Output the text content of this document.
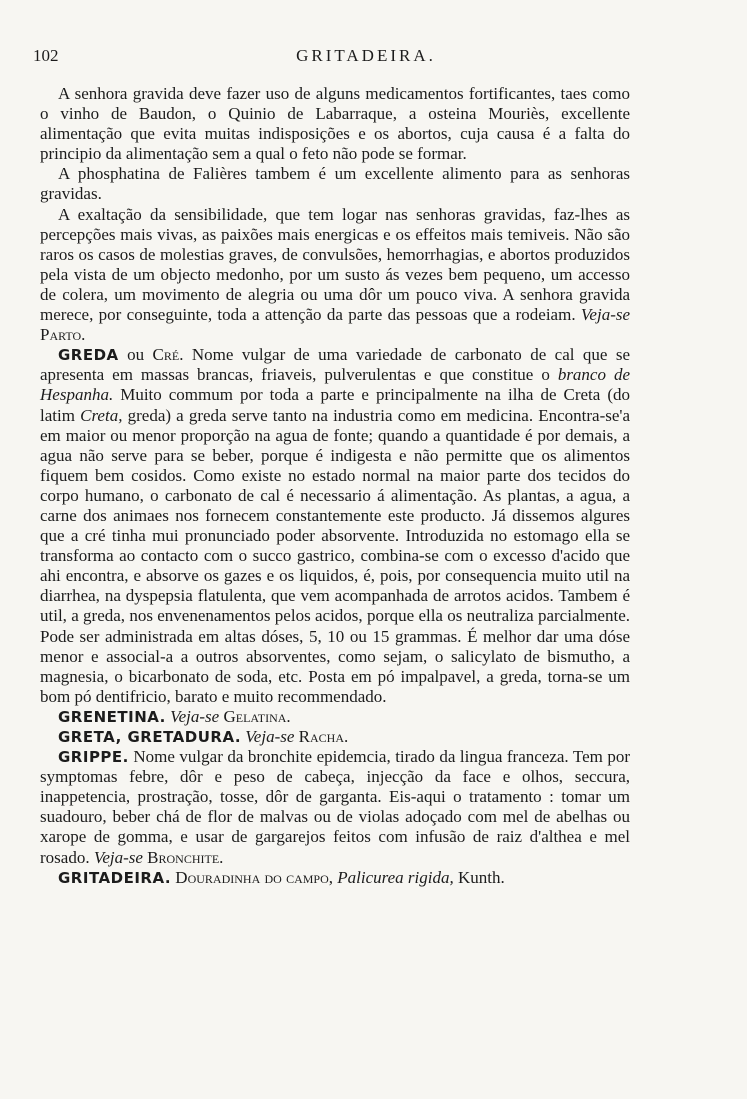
102	GRITADEIRA.

A senhora gravida deve fazer uso de alguns medicamentos fortificantes, taes como o vinho de Baudon, o Quinio de Labarraque, a osteina Mouriès, excellente alimentação que evita muitas indisposições e os abortos, cuja causa é a falta do principio da alimentação sem a qual o feto não pode se formar.

A phosphatina de Falières tambem é um excellente alimento para as senhoras gravidas.

A exaltação da sensibilidade, que tem logar nas senhoras gravidas, faz-lhes as percepções mais vivas, as paixões mais energicas e os effeitos mais temiveis. Não são raros os casos de molestias graves, de convulsões, hemorrhagias, e abortos produzidos pela vista de um objecto medonho, por um susto ás vezes bem pequeno, um accesso de colera, um movimento de alegria ou uma dôr um pouco viva. A senhora gravida merece, por conseguinte, toda a attenção da parte das pessoas que a rodeiam. Veja-se Parto.

GREDA ou Cré. Nome vulgar de uma variedade de carbonato de cal que se apresenta em massas brancas, friaveis, pulverulentas e que constitue o branco de Hespanha. Muito commum por toda a parte e principalmente na ilha de Creta (do latim Creta, greda) a greda serve tanto na industria como em medicina. Encontra-se'a em maior ou menor proporção na agua de fonte; quando a quantidade é por demais, a agua não serve para se beber, porque é indigesta e não permitte que os alimentos fiquem bem cosidos. Como existe no estado normal na maior parte dos tecidos do corpo humano, o carbonato de cal é necessario á alimentação. As plantas, a agua, a carne dos animaes nos fornecem constantemente este producto. Já dissemos algures que a cré tinha mui pronunciado poder absorvente. Introduzida no estomago ella se transforma ao contacto com o succo gastrico, combina-se com o excesso d'acido que ahi encontra, e absorve os gazes e os liquidos, é, pois, por consequencia muito util na diarrhea, na dyspepsia flatulenta, que vem acompanhada de arrotos acidos. Tambem é util, a greda, nos envenenamentos pelos acidos, porque ella os neutraliza parcialmente. Pode ser administrada em altas dóses, 5, 10 ou 15 grammas. É melhor dar uma dóse menor e associal-a a outros absorventes, como sejam, o salicylato de bismutho, a magnesia, o bicarbonato de soda, etc. Posta em pó impalpavel, a greda, torna-se um bom pó dentifricio, barato e muito recommendado.

GRENETINA. Veja-se Gelatina.

GRETA, GRETADURA. Veja-se Racha.

GRIPPE. Nome vulgar da bronchite epidemcia, tirado da lingua franceza. Tem por symptomas febre, dôr e peso de cabeça, injecção da face e olhos, seccura, inappetencia, prostração, tosse, dôr de garganta. Eis-aqui o tratamento : tomar um suadouro, beber chá de flor de malvas ou de violas adoçado com mel de abelhas ou xarope de gomma, e usar de gargarejos feitos com infusão de raiz d'althea e mel rosado. Veja-se Bronchite.

GRITADEIRA. Douradinha do campo, Palicurea rigida, Kunth.
